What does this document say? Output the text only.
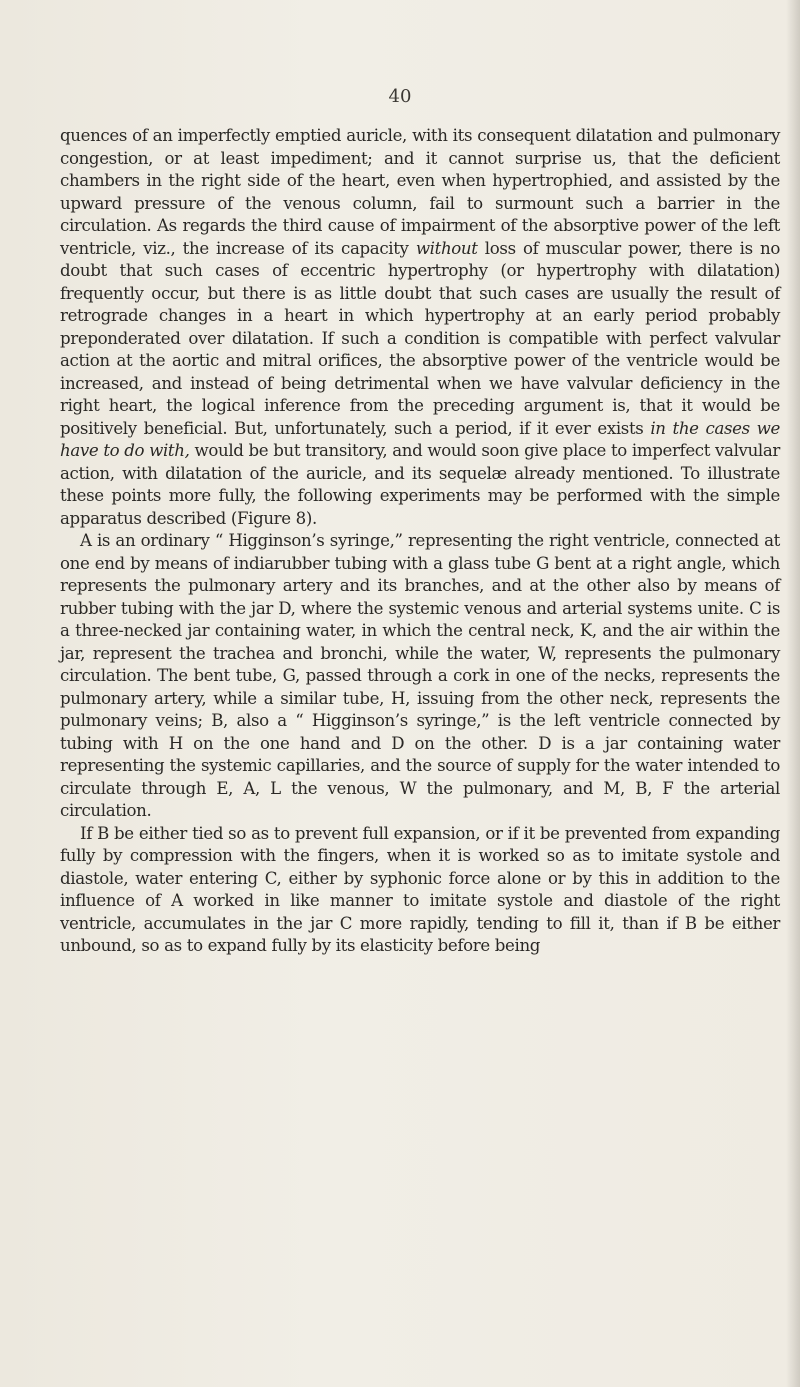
40

quences of an imperfectly emptied auricle, with its consequent dilatation and pulmonary congestion, or at least impediment; and it cannot surprise us, that the deficient chambers in the right side of the heart, even when hypertrophied, and assisted by the upward pressure of the venous column, fail to surmount such a barrier in the circulation. As regards the third cause of impairment of the absorptive power of the left ventricle, viz., the increase of its capacity without loss of muscular power, there is no doubt that such cases of eccentric hypertrophy (or hypertrophy with dilatation) frequently occur, but there is as little doubt that such cases are usually the result of retrograde changes in a heart in which hypertrophy at an early period probably preponderated over dilatation. If such a condition is compatible with perfect valvular action at the aortic and mitral orifices, the absorptive power of the ventricle would be increased, and instead of being detrimental when we have valvular deficiency in the right heart, the logical inference from the preceding argument is, that it would be positively beneficial. But, unfortunately, such a period, if it ever exists in the cases we have to do with, would be but transitory, and would soon give place to imperfect valvular action, with dilatation of the auricle, and its sequelæ already mentioned. To illustrate these points more fully, the following experiments may be performed with the simple apparatus described (Figure 8).

A is an ordinary “ Higginson’s syringe,” representing the right ventricle, connected at one end by means of indiarubber tubing with a glass tube G bent at a right angle, which represents the pulmonary artery and its branches, and at the other also by means of rubber tubing with the jar D, where the systemic venous and arterial systems unite. C is a three-necked jar containing water, in which the central neck, K, and the air within the jar, represent the trachea and bronchi, while the water, W, represents the pulmonary circulation. The bent tube, G, passed through a cork in one of the necks, represents the pulmonary artery, while a similar tube, H, issuing from the other neck, represents the pulmonary veins; B, also a “ Higginson’s syringe,” is the left ventricle connected by tubing with H on the one hand and D on the other. D is a jar containing water representing the systemic capillaries, and the source of supply for the water intended to circulate through E, A, L the venous, W the pulmonary, and M, B, F the arterial circulation.

If B be either tied so as to prevent full expansion, or if it be prevented from expanding fully by compression with the fingers, when it is worked so as to imitate systole and diastole, water entering C, either by syphonic force alone or by this in addition to the influence of A worked in like manner to imitate systole and diastole of the right ventricle, accumulates in the jar C more rapidly, tending to fill it, than if B be either unbound, so as to expand fully by its elasticity before being
